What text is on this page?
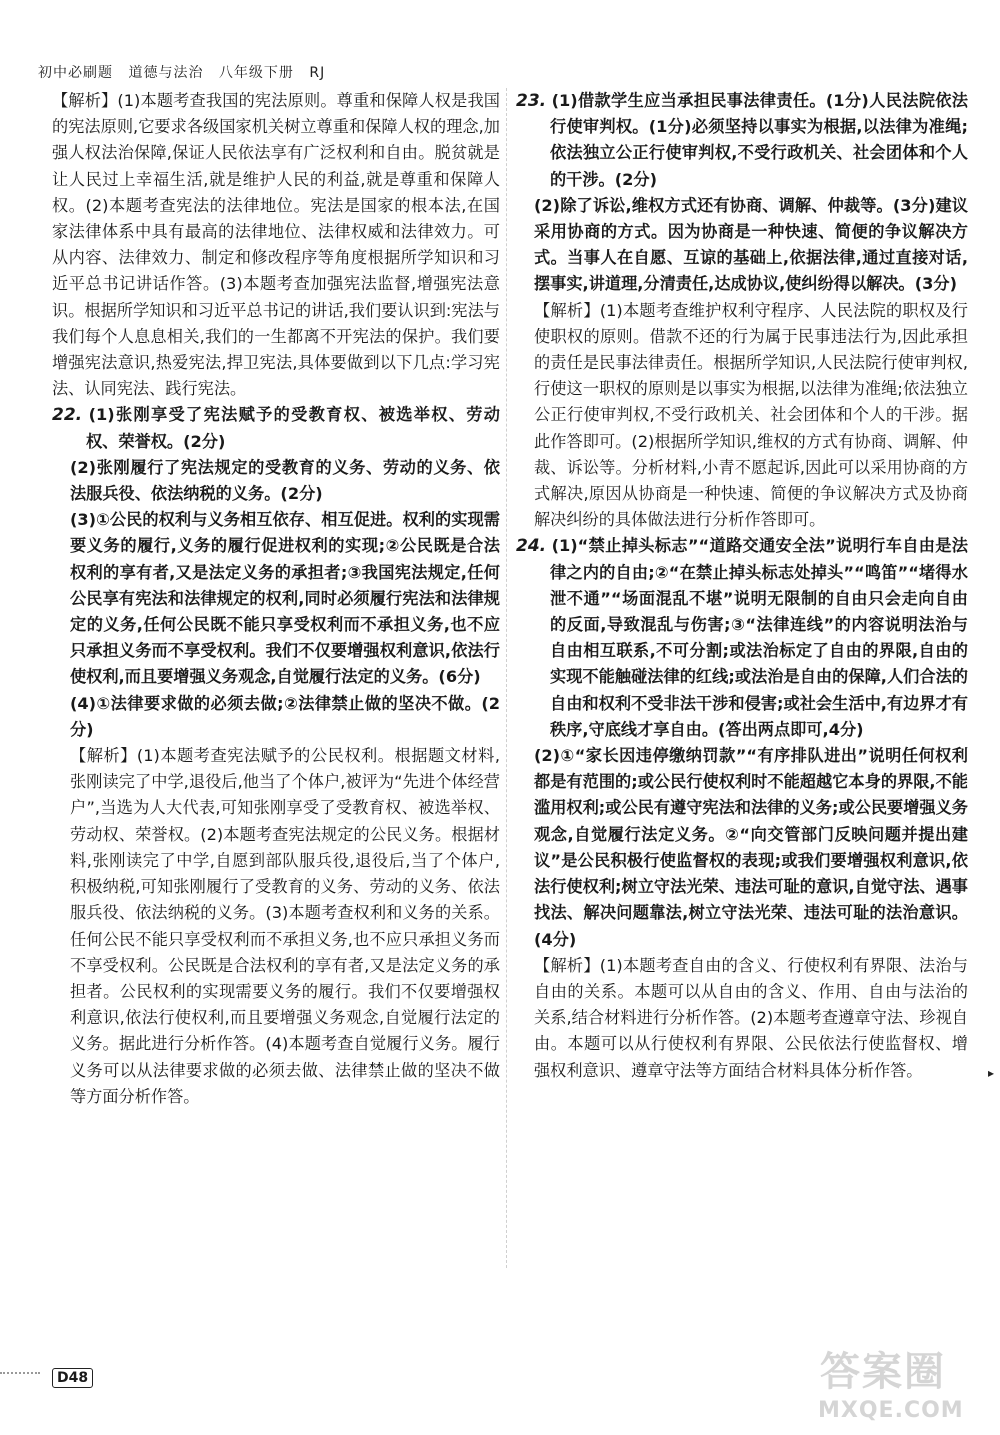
初中必刷题 道德与法治 八年级下册 RJ

【解析】(1)本题考查我国的宪法原则。尊重和保障人权是我国的宪法原则,它要求各级国家机关树立尊重和保障人权的理念,加强人权法治保障,保证人民依法享有广泛权利和自由。脱贫就是让人民过上幸福生活,就是维护人民的利益,就是尊重和保障人权。(2)本题考查宪法的法律地位。宪法是国家的根本法,在国家法律体系中具有最高的法律地位、法律权威和法律效力。可从内容、法律效力、制定和修改程序等角度根据所学知识和习近平总书记讲话作答。(3)本题考查加强宪法监督,增强宪法意识。根据所学知识和习近平总书记的讲话,我们要认识到:宪法与我们每个人息息相关,我们的一生都离不开宪法的保护。我们要增强宪法意识,热爱宪法,捍卫宪法,具体要做到以下几点:学习宪法、认同宪法、践行宪法。

22. (1)张刚享受了宪法赋予的受教育权、被选举权、劳动权、荣誉权。(2分)

(2)张刚履行了宪法规定的受教育的义务、劳动的义务、依法服兵役、依法纳税的义务。(2分)

(3)①公民的权利与义务相互依存、相互促进。权利的实现需要义务的履行,义务的履行促进权利的实现;②公民既是合法权利的享有者,又是法定义务的承担者;③我国宪法规定,任何公民享有宪法和法律规定的权利,同时必须履行宪法和法律规定的义务,任何公民既不能只享受权利而不承担义务,也不应只承担义务而不享受权利。我们不仅要增强权利意识,依法行使权利,而且要增强义务观念,自觉履行法定的义务。(6分)

(4)①法律要求做的必须去做;②法律禁止做的坚决不做。(2分)

【解析】(1)本题考查宪法赋予的公民权利。根据题文材料,张刚读完了中学,退役后,他当了个体户,被评为“先进个体经营户”,当选为人大代表,可知张刚享受了受教育权、被选举权、劳动权、荣誉权。(2)本题考查宪法规定的公民义务。根据材料,张刚读完了中学,自愿到部队服兵役,退役后,当了个体户,积极纳税,可知张刚履行了受教育的义务、劳动的义务、依法服兵役、依法纳税的义务。(3)本题考查权利和义务的关系。任何公民不能只享受权利而不承担义务,也不应只承担义务而不享受权利。公民既是合法权利的享有者,又是法定义务的承担者。公民权利的实现需要义务的履行。我们不仅要增强权利意识,依法行使权利,而且要增强义务观念,自觉履行法定的义务。据此进行分析作答。(4)本题考查自觉履行义务。履行义务可以从法律要求做的必须去做、法律禁止做的坚决不做等方面分析作答。

23. (1)借款学生应当承担民事法律责任。(1分)人民法院依法行使审判权。(1分)必须坚持以事实为根据,以法律为准绳;依法独立公正行使审判权,不受行政机关、社会团体和个人的干涉。(2分)

(2)除了诉讼,维权方式还有协商、调解、仲裁等。(3分)建议采用协商的方式。因为协商是一种快速、简便的争议解决方式。当事人在自愿、互谅的基础上,依据法律,通过直接对话,摆事实,讲道理,分清责任,达成协议,使纠纷得以解决。(3分)

【解析】(1)本题考查维护权利守程序、人民法院的职权及行使职权的原则。借款不还的行为属于民事违法行为,因此承担的责任是民事法律责任。根据所学知识,人民法院行使审判权,行使这一职权的原则是以事实为根据,以法律为准绳;依法独立公正行使审判权,不受行政机关、社会团体和个人的干涉。据此作答即可。(2)根据所学知识,维权的方式有协商、调解、仲裁、诉讼等。分析材料,小青不愿起诉,因此可以采用协商的方式解决,原因从协商是一种快速、简便的争议解决方式及协商解决纠纷的具体做法进行分析作答即可。

24. (1)“禁止掉头标志”“道路交通安全法”说明行车自由是法律之内的自由;②“在禁止掉头标志处掉头”“鸣笛”“堵得水泄不通”“场面混乱不堪”说明无限制的自由只会走向自由的反面,导致混乱与伤害;③“法律连线”的内容说明法治与自由相互联系,不可分割;或法治标定了自由的界限,自由的实现不能触碰法律的红线;或法治是自由的保障,人们合法的自由和权利不受非法干涉和侵害;或社会生活中,有边界才有秩序,守底线才享自由。(答出两点即可,4分)

(2)①“家长因违停缴纳罚款”“有序排队进出”说明任何权利都是有范围的;或公民行使权利时不能超越它本身的界限,不能滥用权利;或公民有遵守宪法和法律的义务;或公民要增强义务观念,自觉履行法定义务。②“向交管部门反映问题并提出建议”是公民积极行使监督权的表现;或我们要增强权利意识,依法行使权利;树立守法光荣、违法可耻的意识,自觉守法、遇事找法、解决问题靠法,树立守法光荣、违法可耻的法治意识。(4分)

【解析】(1)本题考查自由的含义、行使权利有界限、法治与自由的关系。本题可以从自由的含义、作用、自由与法治的关系,结合材料进行分析作答。(2)本题考查遵章守法、珍视自由。本题可以从行使权利有界限、公民依法行使监督权、增强权利意识、遵章守法等方面结合材料具体分析作答。	▸
D48	答案圈
MXQE.COM
